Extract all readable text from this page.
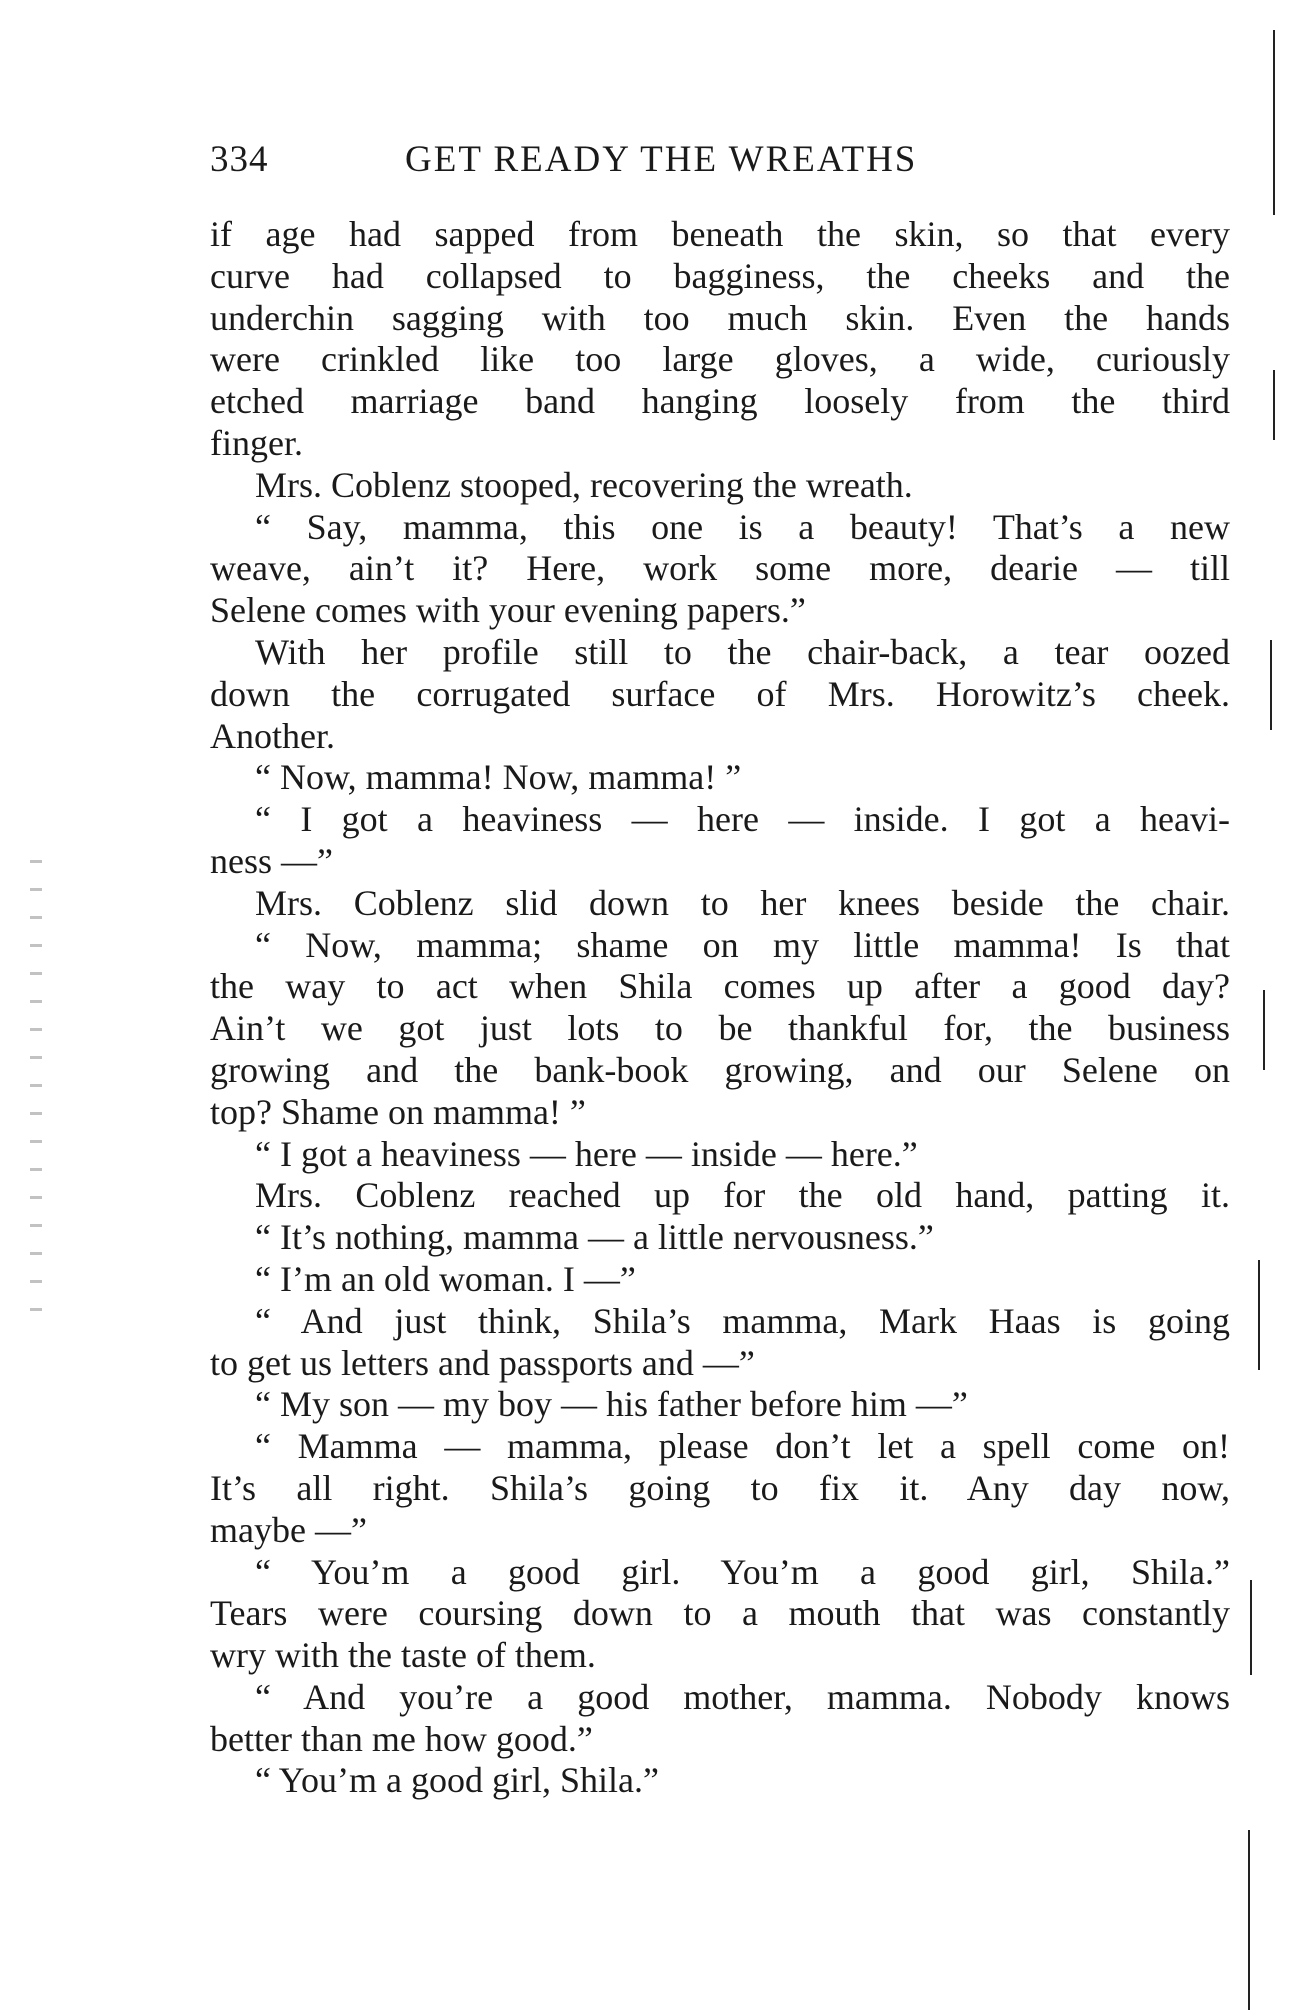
334	GET READY THE WREATHS
if age had sapped from beneath the skin, so that every
curve had collapsed to bagginess, the cheeks and the
underchin sagging with too much skin. Even the hands
were crinkled like too large gloves, a wide, curiously
etched marriage band hanging loosely from the third
finger.
Mrs. Coblenz stooped, recovering the wreath.
“ Say, mamma, this one is a beauty! That’s a new
weave, ain’t it? Here, work some more, dearie — till
Selene comes with your evening papers.”
With her profile still to the chair-back, a tear oozed
down the corrugated surface of Mrs. Horowitz’s cheek.
Another.
“ Now, mamma! Now, mamma! ”
“ I got a heaviness — here — inside. I got a heavi-
ness —”
Mrs. Coblenz slid down to her knees beside the chair.
“ Now, mamma; shame on my little mamma! Is that
the way to act when Shila comes up after a good day?
Ain’t we got just lots to be thankful for, the business
growing and the bank-book growing, and our Selene on
top? Shame on mamma! ”
“ I got a heaviness — here — inside — here.”
Mrs. Coblenz reached up for the old hand, patting it.
“ It’s nothing, mamma — a little nervousness.”
“ I’m an old woman. I —”
“ And just think, Shila’s mamma, Mark Haas is going
to get us letters and passports and —”
“ My son — my boy — his father before him —”
“ Mamma — mamma, please don’t let a spell come on!
It’s all right. Shila’s going to fix it. Any day now,
maybe —”
“ You’m a good girl. You’m a good girl, Shila.”
Tears were coursing down to a mouth that was constantly
wry with the taste of them.
“ And you’re a good mother, mamma. Nobody knows
better than me how good.”
“ You’m a good girl, Shila.”
